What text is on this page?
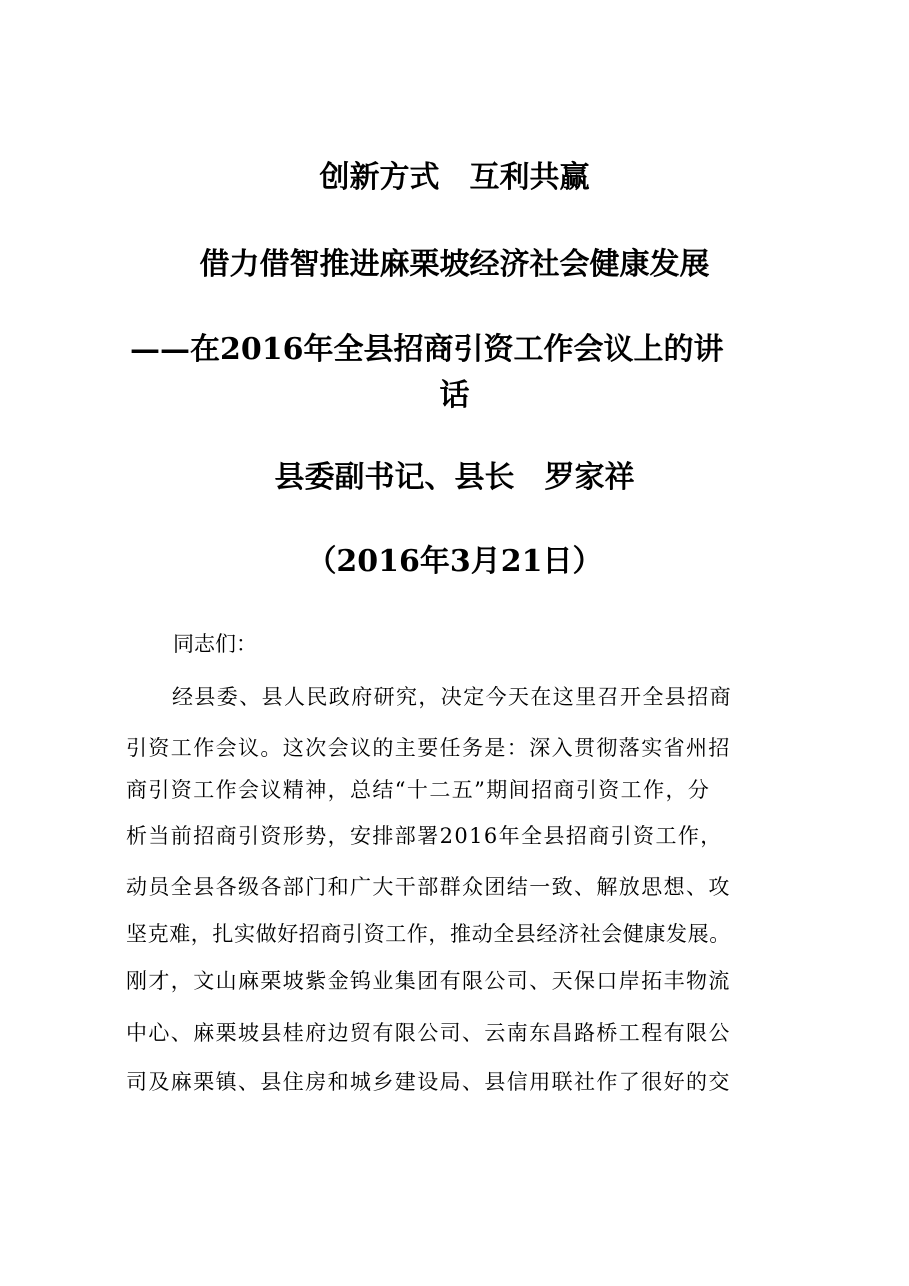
创新方式　互利共赢
借力借智推进麻栗坡经济社会健康发展
——在2016年全县招商引资工作会议上的讲
话
县委副书记、县长　罗家祥
（2016年3月21日）
同志们：
经县委、县人民政府研究，决定今天在这里召开全县招商
引资工作会议。这次会议的主要任务是：深入贯彻落实省州招
商引资工作会议精神，总结“十二五”期间招商引资工作，分
析当前招商引资形势，安排部署2016年全县招商引资工作，
动员全县各级各部门和广大干部群众团结一致、解放思想、攻
坚克难，扎实做好招商引资工作，推动全县经济社会健康发展。
刚才，文山麻栗坡紫金钨业集团有限公司、天保口岸拓丰物流
中心、麻栗坡县桂府边贸有限公司、云南东昌路桥工程有限公
司及麻栗镇、县住房和城乡建设局、县信用联社作了很好的交
